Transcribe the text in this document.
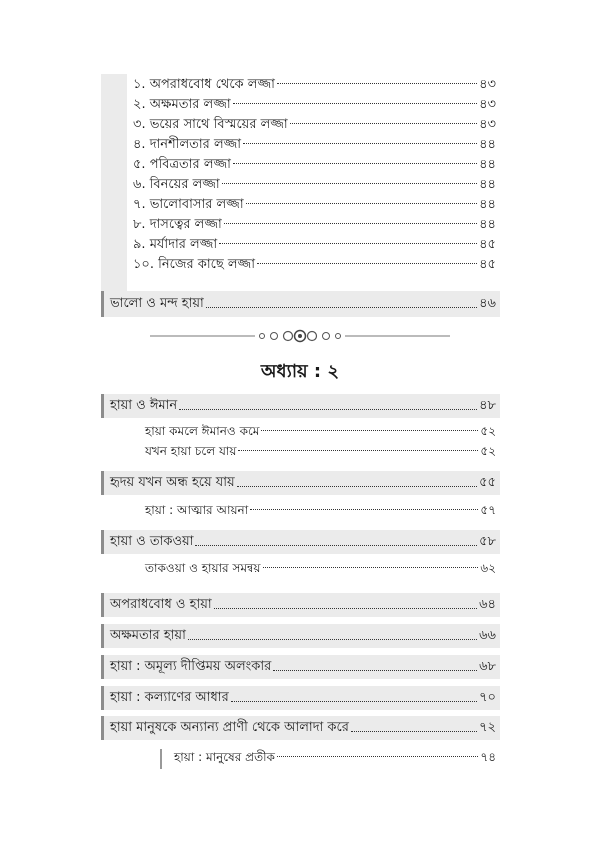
১. অপরাধবোধ থেকে লজ্জা	৪৩
২. অক্ষমতার লজ্জা	৪৩
৩. ভয়ের সাথে বিস্ময়ের লজ্জা	৪৩
৪. দানশীলতার লজ্জা	৪৪
৫. পবিত্রতার লজ্জা	৪৪
৬. বিনয়ের লজ্জা	৪৪
৭. ভালোবাসার লজ্জা	৪৪
৮. দাসত্বের লজ্জা	৪৪
৯. মর্যাদার লজ্জা	৪৫
১০. নিজের কাছে লজ্জা	৪৫
ভালো ও মন্দ হায়া	৪৬
অধ্যায় : ২
হায়া ও ঈমান	৪৮
হায়া কমলে ঈমানও কমে	৫২
যখন হায়া চলে যায়	৫২
হৃদয় যখন অন্ধ হয়ে যায়	৫৫
হায়া : আত্মার আয়না	৫৭
হায়া ও তাকওয়া	৫৮
তাকওয়া ও হায়ার সমন্বয়	৬২
অপরাধবোধ ও হায়া	৬৪
অক্ষমতার হায়া	৬৬
হায়া : অমূল্য দীপ্তিময় অলংকার	৬৮
হায়া : কল্যাণের আধার	৭০
হায়া মানুষকে অন্যান্য প্রাণী থেকে আলাদা করে	৭২
হায়া : মানুষের প্রতীক	৭৪
